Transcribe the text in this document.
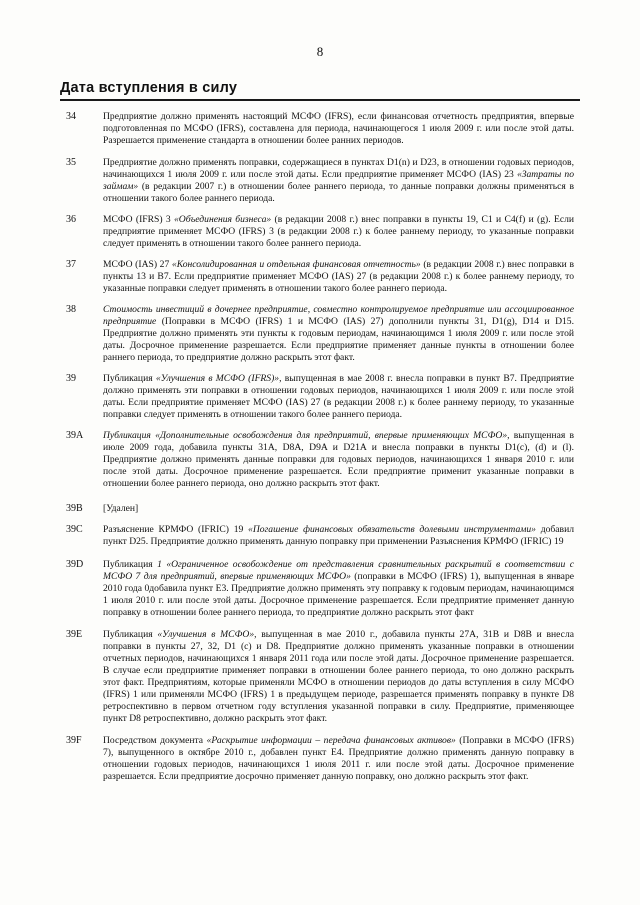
8
Дата вступления в силу
34	Предприятие должно применять настоящий МСФО (IFRS), если финансовая отчетность предприятия, впервые подготовленная по МСФО (IFRS), составлена для периода, начинающегося 1 июля 2009 г. или после этой даты. Разрешается применение стандарта в отношении более ранних периодов.
35	Предприятие должно применять поправки, содержащиеся в пунктах D1(n) и D23, в отношении годовых периодов, начинающихся 1 июля 2009 г. или после этой даты. Если предприятие применяет МСФО (IAS) 23 «Затраты по займам» (в редакции 2007 г.) в отношении более раннего периода, то данные поправки должны применяться в отношении такого более раннего периода.
36	МСФО (IFRS) 3 «Объединения бизнеса» (в редакции 2008 г.) внес поправки в пункты 19, C1 и C4(f) и (g). Если предприятие применяет МСФО (IFRS) 3 (в редакции 2008 г.) к более раннему периоду, то указанные поправки следует применять в отношении такого более раннего периода.
37	МСФО (IAS) 27 «Консолидированная и отдельная финансовая отчетность» (в редакции 2008 г.) внес поправки в пункты 13 и B7. Если предприятие применяет МСФО (IAS) 27 (в редакции 2008 г.) к более раннему периоду, то указанные поправки следует применять в отношении такого более раннего периода.
38	Стоимость инвестиций в дочернее предприятие, совместно контролируемое предприятие или ассоциированное предприятие (Поправки в МСФО (IFRS) 1 и МСФО (IAS) 27) дополнили пункты 31, D1(g), D14 и D15. Предприятие должно применять эти пункты к годовым периодам, начинающимся 1 июля 2009 г. или после этой даты. Досрочное применение разрешается. Если предприятие применяет данные пункты в отношении более раннего периода, то предприятие должно раскрыть этот факт.
39	Публикация «Улучшения в МСФО (IFRS)», выпущенная в мае 2008 г. внесла поправки в пункт B7. Предприятие должно применять эти поправки в отношении годовых периодов, начинающихся 1 июля 2009 г. или после этой даты. Если предприятие применяет МСФО (IAS) 27 (в редакции 2008 г.) к более раннему периоду, то указанные поправки следует применять в отношении такого более раннего периода.
39A	Публикация «Дополнительные освобождения для предприятий, впервые применяющих МСФО», выпущенная в июле 2009 года, добавила пункты 31A, D8A, D9A и D21A и внесла поправки в пункты D1(c), (d) и (l). Предприятие должно применять данные поправки для годовых периодов, начинающихся 1 января 2010 г. или после этой даты. Досрочное применение разрешается. Если предприятие применит указанные поправки в отношении более раннего периода, оно должно раскрыть этот факт.
39B	[Удален]
39C	Разъяснение КРМФО (IFRIC) 19 «Погашение финансовых обязательств долевыми инструментами» добавил пункт D25. Предприятие должно применять данную поправку при применении Разъяснения КРМФО (IFRIC) 19
39D	Публикация 1 «Ограниченное освобождение от представления сравнительных раскрытий в соответствии с МСФО 7 для предприятий, впервые применяющих МСФО» (поправки в МСФО (IFRS) 1), выпущенная в январе 2010 года 0добавила пункт E3. Предприятие должно применять эту поправку к годовым периодам, начинающимся 1 июля 2010 г. или после этой даты. Досрочное применение разрешается. Если предприятие применяет данную поправку в отношении более раннего периода, то предприятие должно раскрыть этот факт
39E	Публикация «Улучшения в МСФО», выпущенная в мае 2010 г., добавила пункты 27A, 31B и D8B и внесла поправки в пункты 27, 32, D1 (c) и D8. Предприятие должно применять указанные поправки в отношении отчетных периодов, начинающихся 1 января 2011 года или после этой даты. Досрочное применение разрешается. В случае если предприятие применяет поправки в отношении более раннего периода, то оно должно раскрыть этот факт. Предприятиям, которые применяли МСФО в отношении периодов до даты вступления в силу МСФО (IFRS) 1 или применяли МСФО (IFRS) 1 в предыдущем периоде, разрешается применять поправку в пункте D8 ретроспективно в первом отчетном году вступления указанной поправки в силу. Предприятие, применяющее пункт D8 ретроспективно, должно раскрыть этот факт.
39F	Посредством документа «Раскрытие информации – передача финансовых активов» (Поправки в МСФО (IFRS) 7), выпущенного в октябре 2010 г., добавлен пункт E4. Предприятие должно применять данную поправку в отношении годовых периодов, начинающихся 1 июля 2011 г. или после этой даты. Досрочное применение разрешается. Если предприятие досрочно применяет данную поправку, оно должно раскрыть этот факт.
